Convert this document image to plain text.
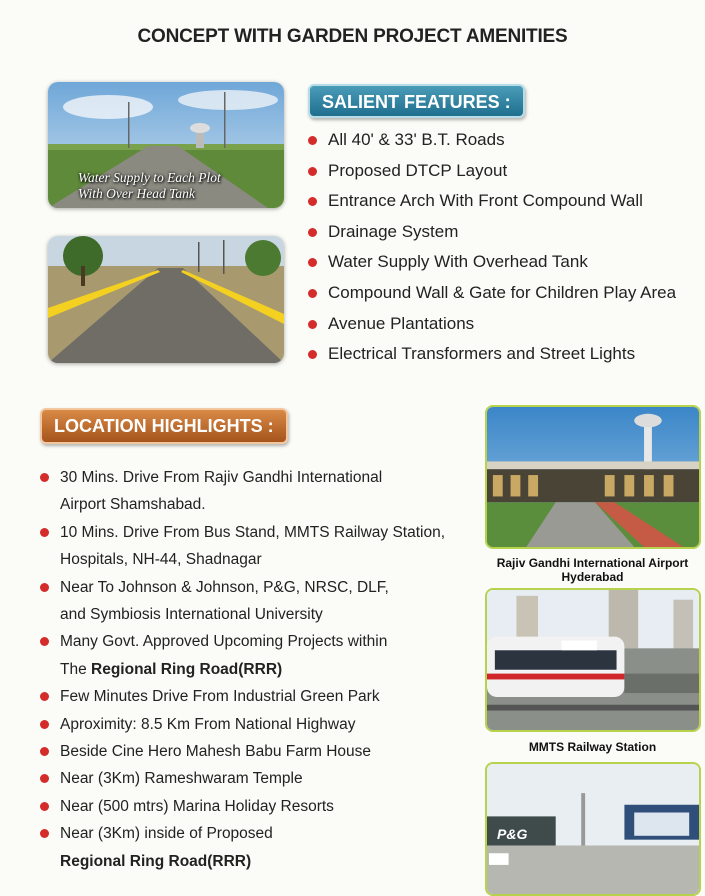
CONCEPT WITH GARDEN PROJECT AMENITIES
Water Supply to Each Plot
With Over Head Tank
SALIENT FEATURES :
All 40' & 33' B.T. Roads
Proposed DTCP Layout
Entrance Arch With Front Compound Wall
Drainage System
Water Supply With Overhead Tank
Compound Wall & Gate for Children Play Area
Avenue Plantations
Electrical Transformers and Street Lights
LOCATION HIGHLIGHTS :
30 Mins. Drive From Rajiv Gandhi International
Airport Shamshabad.
10 Mins. Drive From Bus Stand, MMTS Railway Station,
Hospitals, NH-44, Shadnagar
Near To Johnson & Johnson, P&G, NRSC, DLF,
and Symbiosis International University
Many Govt. Approved Upcoming Projects within
The Regional Ring Road(RRR)
Few Minutes Drive From Industrial Green Park
Aproximity: 8.5 Km From National Highway
Beside Cine Hero Mahesh Babu Farm House
Near (3Km) Rameshwaram Temple
Near (500 mtrs) Marina Holiday Resorts
Near (3Km) inside of Proposed
Regional Ring Road(RRR)
Rajiv Gandhi International Airport
Hyderabad
MMTS Railway Station
P&G
